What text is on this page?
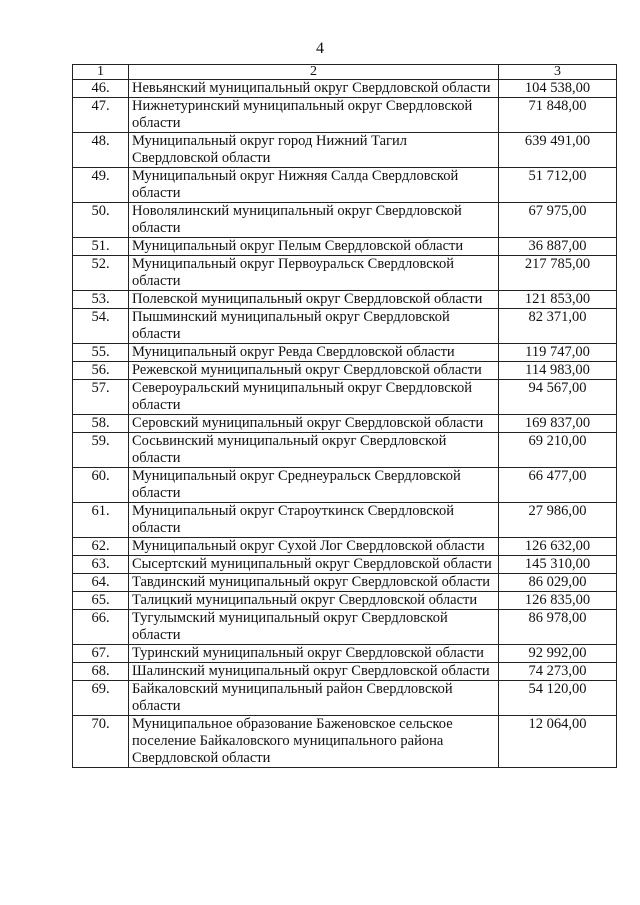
4
1	2	3
46.	Невьянский муниципальный округ Свердловской области	104 538,00
47.	Нижнетуринский муниципальный округ Свердловской области	71 848,00
48.	Муниципальный округ город Нижний Тагил Свердловской области	639 491,00
49.	Муниципальный округ Нижняя Салда Свердловской области	51 712,00
50.	Новолялинский муниципальный округ Свердловской области	67 975,00
51.	Муниципальный округ Пелым Свердловской области	36 887,00
52.	Муниципальный округ Первоуральск Свердловской области	217 785,00
53.	Полевской муниципальный округ Свердловской области	121 853,00
54.	Пышминский муниципальный округ Свердловской области	82 371,00
55.	Муниципальный округ Ревда Свердловской области	119 747,00
56.	Режевской муниципальный округ Свердловской области	114 983,00
57.	Североуральский муниципальный округ Свердловской области	94 567,00
58.	Серовский муниципальный округ Свердловской области	169 837,00
59.	Сосьвинский муниципальный округ Свердловской области	69 210,00
60.	Муниципальный округ Среднеуральск Свердловской области	66 477,00
61.	Муниципальный округ Староуткинск Свердловской области	27 986,00
62.	Муниципальный округ Сухой Лог Свердловской области	126 632,00
63.	Сысертский муниципальный округ Свердловской области	145 310,00
64.	Тавдинский муниципальный округ Свердловской области	86 029,00
65.	Талицкий муниципальный округ Свердловской области	126 835,00
66.	Тугулымский муниципальный округ Свердловской области	86 978,00
67.	Туринский муниципальный округ Свердловской области	92 992,00
68.	Шалинский муниципальный округ Свердловской области	74 273,00
69.	Байкаловский муниципальный район Свердловской области	54 120,00
70.	Муниципальное образование Баженовское сельское поселение Байкаловского муниципального района Свердловской области	12 064,00
